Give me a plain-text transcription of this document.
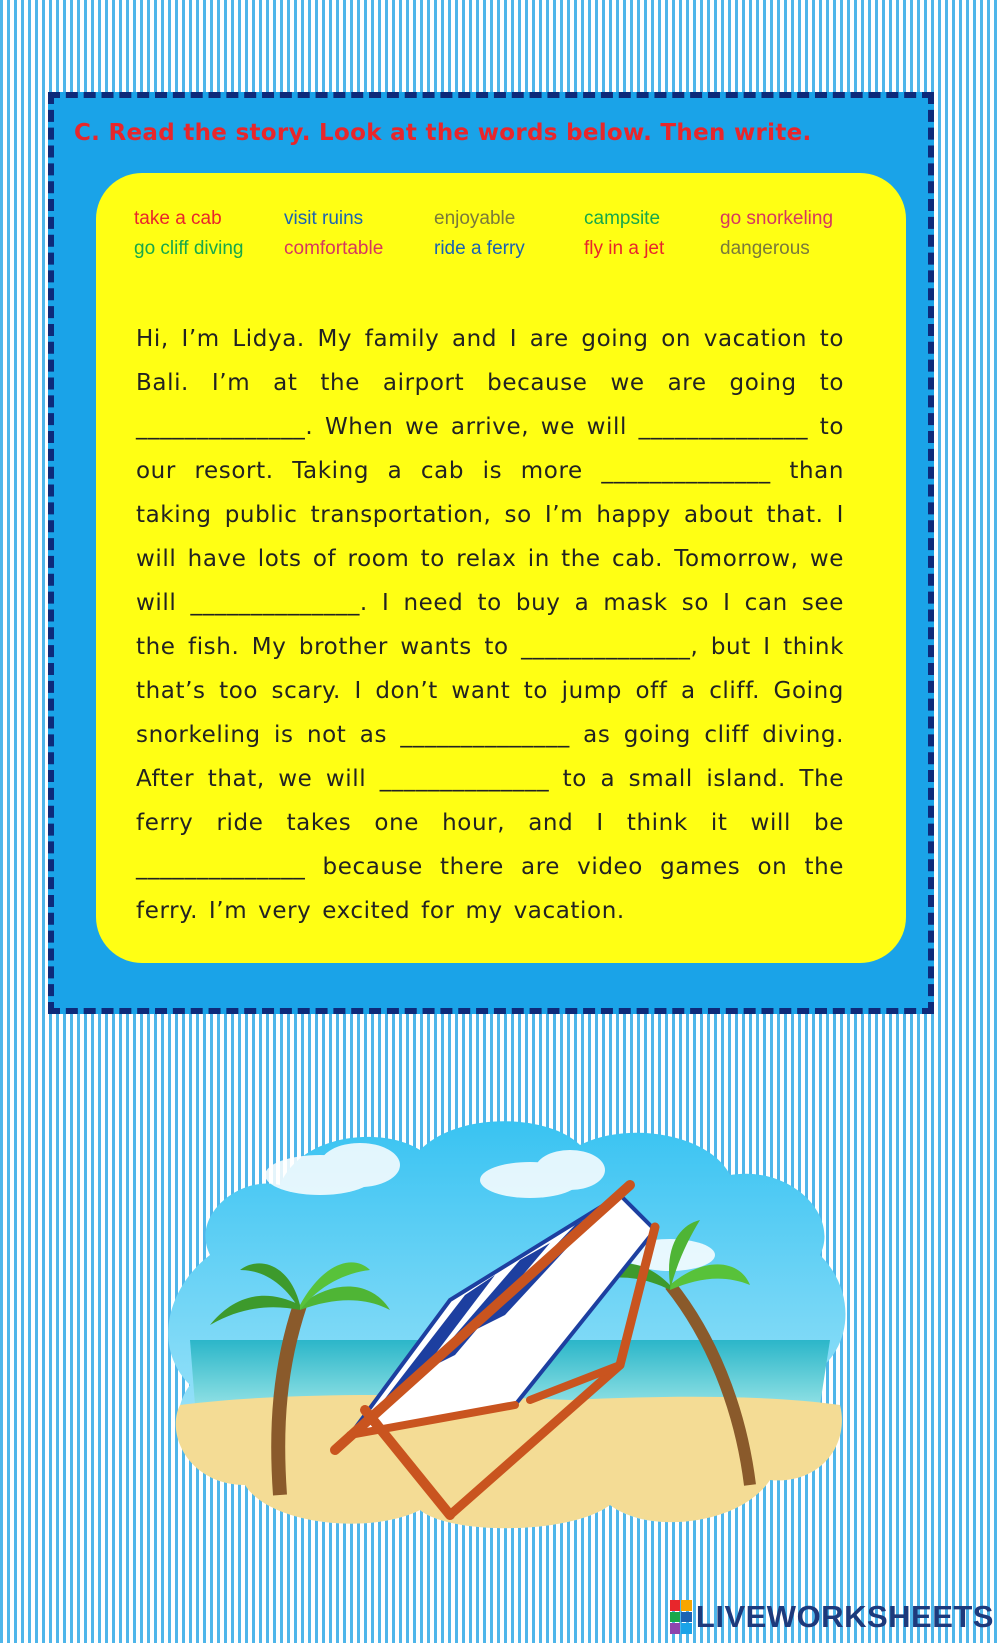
C. Read the story. Look at the words below. Then write.
take a cab	visit ruins	enjoyable	campsite	go snorkeling
go cliff diving	comfortable	ride a ferry	fly in a jet	dangerous
Hi, I’m Lidya. My family and I are going on vacation to Bali. I’m at the airport because we are going to ______________. When we arrive, we will ______________ to our resort. Taking a cab is more ______________ than taking public transportation, so I’m happy about that. I will have lots of room to relax in the cab. Tomorrow, we will ______________. I need to buy a mask so I can see the fish. My brother wants to ______________, but I think that’s too scary. I don’t want to jump off a cliff. Going snorkeling is not as ______________ as going cliff diving. After that, we will ______________ to a small island. The ferry ride takes one hour, and I think it will be ______________ because there are video games on the ferry. I’m very excited for my vacation.
LIVEWORKSHEETS
